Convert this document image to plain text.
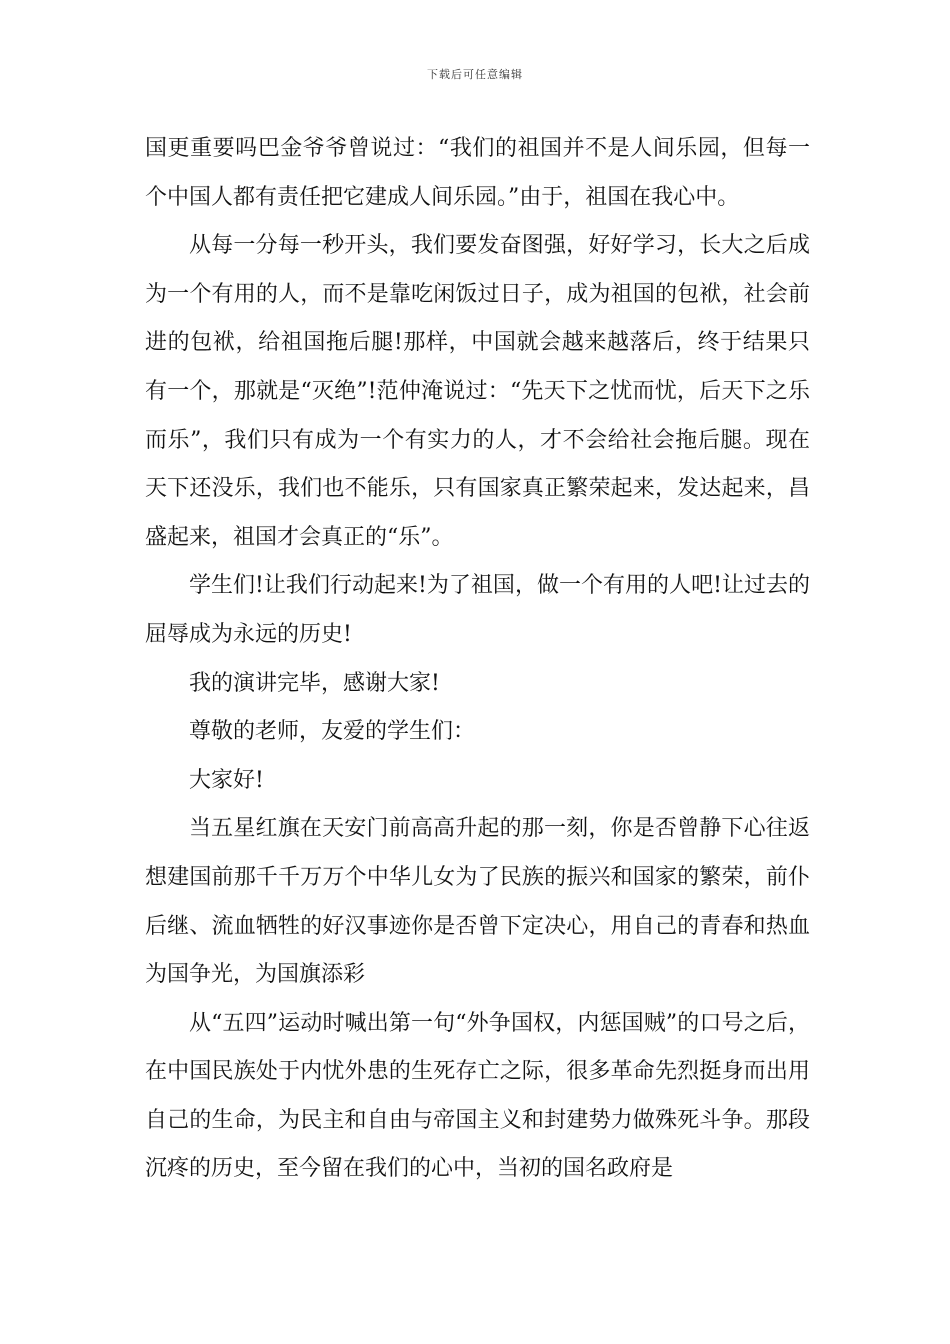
下载后可任意编辑

国更重要吗巴金爷爷曾说过：“我们的祖国并不是人间乐园，但每一个中国人都有责任把它建成人间乐园。”由于，祖国在我心中。

从每一分每一秒开头，我们要发奋图强，好好学习，长大之后成为一个有用的人，而不是靠吃闲饭过日子，成为祖国的包袱，社会前进的包袱，给祖国拖后腿!那样，中国就会越来越落后，终于结果只有一个，那就是“灭绝”!范仲淹说过：“先天下之忧而忧，后天下之乐而乐”，我们只有成为一个有实力的人，才不会给社会拖后腿。现在天下还没乐，我们也不能乐，只有国家真正繁荣起来，发达起来，昌盛起来，祖国才会真正的“乐”。

学生们!让我们行动起来!为了祖国，做一个有用的人吧!让过去的屈辱成为永远的历史!

我的演讲完毕，感谢大家!

尊敬的老师，友爱的学生们：

大家好!

当五星红旗在天安门前高高升起的那一刻，你是否曾静下心往返想建国前那千千万万个中华儿女为了民族的振兴和国家的繁荣，前仆后继、流血牺牲的好汉事迹你是否曾下定决心，用自己的青春和热血为国争光，为国旗添彩

从“五四”运动时喊出第一句“外争国权，内惩国贼”的口号之后，在中国民族处于内忧外患的生死存亡之际，很多革命先烈挺身而出用自己的生命，为民主和自由与帝国主义和封建势力做殊死斗争。那段沉疼的历史，至今留在我们的心中，当初的国名政府是
